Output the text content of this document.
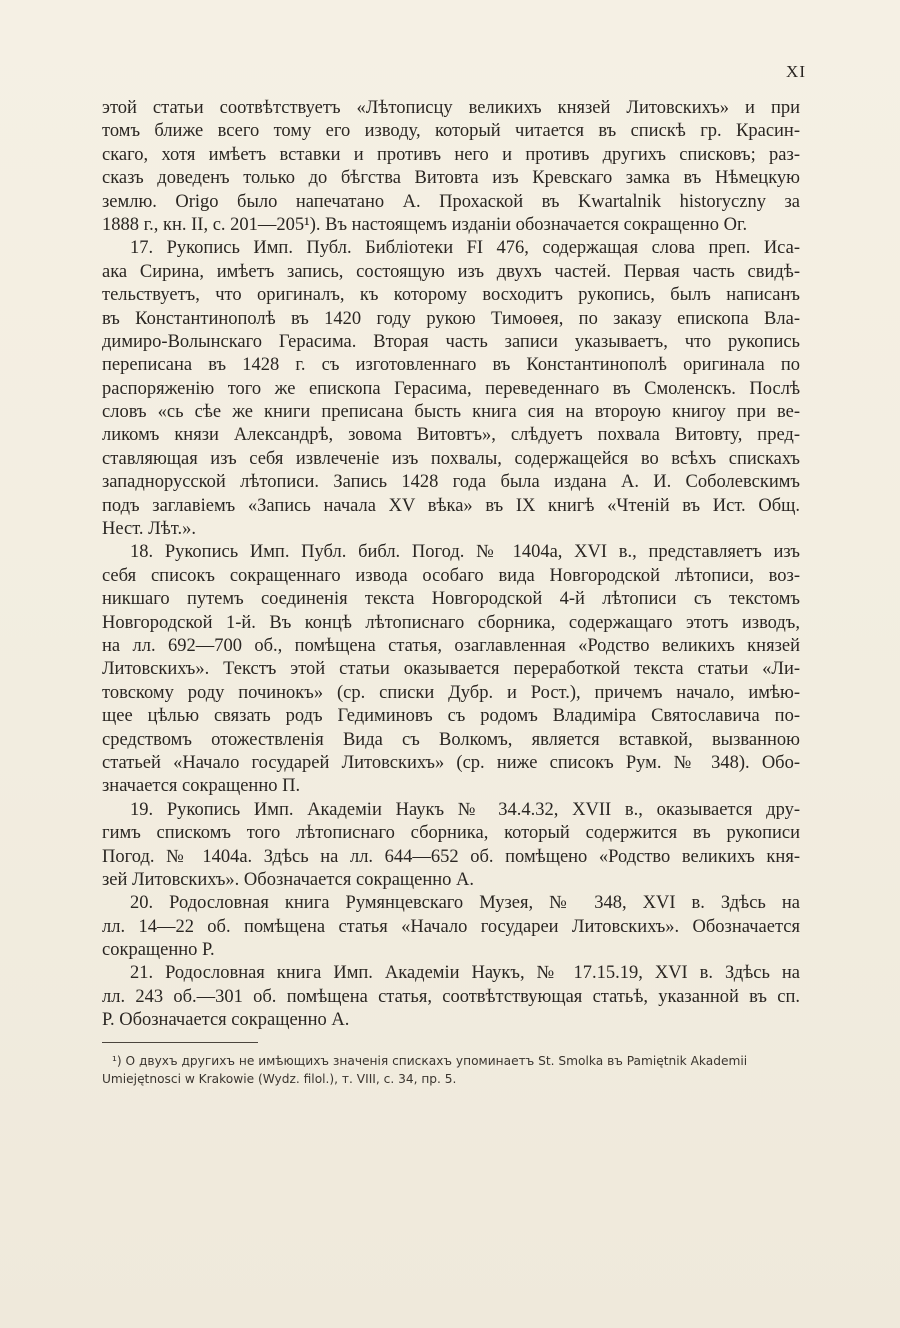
XI
этой статьи соотвѣтствуетъ «Лѣтописцу великихъ князей Литовскихъ» и при
томъ ближе всего тому его изводу, который читается въ спискѣ гр. Красин-
скаго, хотя имѣетъ вставки и противъ него и противъ другихъ списковъ; раз-
сказъ доведенъ только до бѣгства Витовта изъ Кревскаго замка въ Нѣмецкую
землю. Origo было напечатано А. Прохаской въ Kwartalnik historyczny за
1888 г., кн. II, с. 201—205¹). Въ настоящемъ изданіи обозначается сокращенно Ог.
17. Рукопись Имп. Публ. Библіотеки FI 476, содержащая слова преп. Иса-
ака Сирина, имѣетъ запись, состоящую изъ двухъ частей. Первая часть свидѣ-
тельствуетъ, что оригиналъ, къ которому восходитъ рукопись, былъ написанъ
въ Константинополѣ въ 1420 году рукою Тимоѳея, по заказу епископа Вла-
димиро-Волынскаго Герасима. Вторая часть записи указываетъ, что рукопись
переписана въ 1428 г. съ изготовленнаго въ Константинополѣ оригинала по
распоряженію того же епископа Герасима, переведеннаго въ Смоленскъ. Послѣ
словъ «сь сѣе же книги преписана бысть книга сия на второую книгоу при ве-
ликомъ князи Александрѣ, зовома Витовтъ», слѣдуетъ похвала Витовту, пред-
ставляющая изъ себя извлеченіе изъ похвалы, содержащейся во всѣхъ спискахъ
западнорусской лѣтописи. Запись 1428 года была издана А. И. Соболевскимъ
подъ заглавіемъ «Запись начала XV вѣка» въ IX книгѣ «Чтеній въ Ист. Общ.
Нест. Лѣт.».
18. Рукопись Имп. Публ. библ. Погод. № 1404а, XVI в., представляетъ изъ
себя списокъ сокращеннаго извода особаго вида Новгородской лѣтописи, воз-
никшаго путемъ соединенія текста Новгородской 4-й лѣтописи съ текстомъ
Новгородской 1-й. Въ концѣ лѣтописнаго сборника, содержащаго этотъ изводъ,
на лл. 692—700 об., помѣщена статья, озаглавленная «Родство великихъ князей
Литовскихъ». Текстъ этой статьи оказывается переработкой текста статьи «Ли-
товскому роду починокъ» (ср. списки Дубр. и Рост.), причемъ начало, имѣю-
щее цѣлью связать родъ Гедиминовъ съ родомъ Владиміра Святославича по-
средствомъ отожествленія Вида съ Волкомъ, является вставкой, вызванною
статьей «Начало государей Литовскихъ» (ср. ниже списокъ Рум. № 348). Обо-
значается сокращенно П.
19. Рукопись Имп. Академіи Наукъ № 34.4.32, XVII в., оказывается дру-
гимъ спискомъ того лѣтописнаго сборника, который содержится въ рукописи
Погод. № 1404а. Здѣсь на лл. 644—652 об. помѣщено «Родство великихъ кня-
зей Литовскихъ». Обозначается сокращенно А.
20. Родословная книга Румянцевскаго Музея, № 348, XVI в. Здѣсь на
лл. 14—22 об. помѣщена статья «Начало государеи Литовскихъ». Обозначается
сокращенно Р.
21. Родословная книга Имп. Академіи Наукъ, № 17.15.19, XVI в. Здѣсь на
лл. 243 об.—301 об. помѣщена статья, соотвѣтствующая статьѣ, указанной въ сп.
Р. Обозначается сокращенно А.
¹) О двухъ другихъ не имѣющихъ значенія спискахъ упоминаетъ St. Smolka въ Pamiętnik Akademii
Umiejętnosci w Krakowie (Wydz. filol.), т. VIII, с. 34, пр. 5.
